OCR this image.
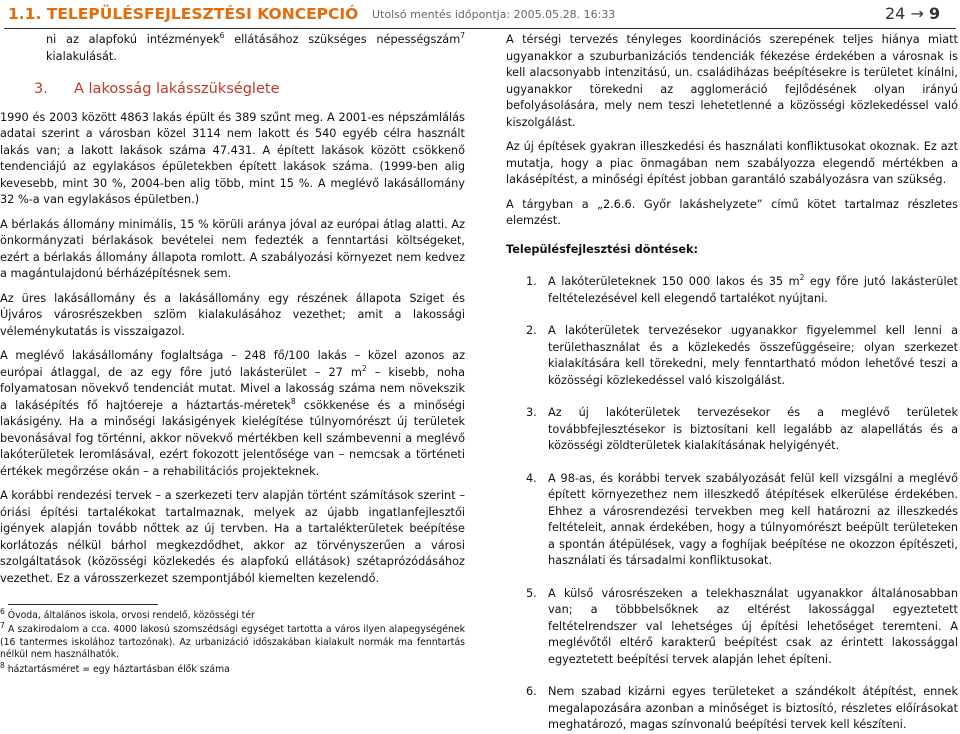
1.1. TELEPÜLÉSFEJLESZTÉSI KONCEPCIÓ Utolsó mentés időpontja: 2005.05.28. 16:33	24 → 9

ni az alapfokú intézmények$^6$ ellátásához szükséges népességszám$^7$ kialakulását.

3. A lakosság lakásszükséglete

1990 és 2003 között 4863 lakás épült és 389 szűnt meg. A 2001-es népszámlálás adatai szerint a városban közel 3114 nem lakott és 540 egyéb célra használt lakás van; a lakott lakások száma 47.431. A épített lakások között csökkenő tendenciájú az egylakásos épületekben épített lakások száma. (1999-ben alig kevesebb, mint 30 %, 2004-ben alig több, mint 15 %. A meglévő lakásállomány 32 %-a van egylakásos épületben.)

A bérlakás állomány minimális, 15 % körüli aránya jóval az európai átlag alatti. Az önkormányzati bérlakások bevételei nem fedezték a fenntartási költségeket, ezért a bérlakás állomány állapota romlott. A szabályozási környezet nem kedvez a magántulajdonú bérházépítésnek sem.

Az üres lakásállomány és a lakásállomány egy részének állapota Sziget és Újváros városrészekben szlöm kialakulásához vezethet; amit a lakossági véleménykutatás is visszaigazol.

A meglévő lakásállomány foglaltsága – 248 fő/100 lakás – közel azonos az európai átlaggal, de az egy főre jutó lakásterület – 27 $m^2$ – kisebb, noha folyamatosan növekvő tendenciát mutat. Mivel a lakosság száma nem növekszik a lakásépítés fő hajtóereje a háztartás-méretek$^8$ csökkenése és a minőségi lakásigény. Ha a minőségi lakásigények kielégítése túlnyomórészt új területek bevonásával fog történni, akkor növekvő mértékben kell számbevenni a meglévő lakóterületek leromlásával, ezért fokozott jelentősége van – nemcsak a történeti értékek megőrzése okán – a rehabilitációs projekteknek.

A korábbi rendezési tervek – a szerkezeti terv alapján történt számítások szerint – óriási építési tartalékokat tartalmaznak, melyek az újabb ingatlanfejlesztői igények alapján tovább nőttek az új tervben. Ha a tartalékterületek beépítése korlátozás nélkül bárhol megkezdődhet, akkor az törvényszerűen a városi szolgáltatások (közösségi közlekedés és alapfokú ellátások) szétaprózódásához vezethet. Ez a városszerkezet szempontjából kiemelten kezelendő.

$^6$ Óvoda, általános iskola, orvosi rendelő, közösségi tér
$^7$ A szakirodalom a cca. 4000 lakosú szomszédsági egységet tartotta a város ilyen alapegységének (16 tantermes iskolához tartozónak). Az urbanizáció időszakában kialakult normák ma fenntartás nélkül nem használhatók.
$^8$ háztartásméret = egy háztartásban élők száma

A térségi tervezés tényleges koordinációs szerepének teljes hiánya miatt ugyanakkor a szuburbanizációs tendenciák fékezése érdekében a városnak is kell alacsonyabb intenzitású, un. családiházas beépítésekre is területet kínálni, ugyanakkor törekedni az agglomeráció fejlődésének olyan irányú befolyásolására, mely nem teszi lehetetlenné a közösségi közlekedéssel való kiszolgálást.

Az új építések gyakran illeszkedési és használati konfliktusokat okoznak. Ez azt mutatja, hogy a piac önmagában nem szabályozza elegendő mértékben a lakásépítést, a minőségi építést jobban garantáló szabályozásra van szükség.

A tárgyban a „2.6.6. Győr lakáshelyzete” című kötet tartalmaz részletes elemzést.

Településfejlesztési döntések:
1. A lakóterületeknek 150 000 lakos és 35 $m^2$ egy főre jutó lakásterület feltételezésével kell elegendő tartalékot nyújtani.
2. A lakóterületek tervezésekor ugyanakkor figyelemmel kell lenni a területhasználat és a közlekedés összefüggéseire; olyan szerkezet kialakítására kell törekedni, mely fenntartható módon lehetővé teszi a közösségi közlekedéssel való kiszolgálást.
3. Az új lakóterületek tervezésekor és a meglévő területek továbbfejlesztésekor is biztosítani kell legalább az alapellátás és a közösségi zöldterületek kialakításának helyigényét.
4. A 98-as, és korábbi tervek szabályozását felül kell vizsgálni a meglévő épített környezethez nem illeszkedő átépítések elkerülése érdekében. Ehhez a városrendezési tervekben meg kell határozni az illeszkedés feltételeit, annak érdekében, hogy a túlnyomórészt beépült területeken a spontán átépülések, vagy a foghíjak beépítése ne okozzon építészeti, használati és társadalmi konfliktusokat.
5. A külső városrészeken a telekhasználat ugyanakkor általánosabban van; a többbelsőknek az eltérést lakossággal egyeztetett feltételrendszer val lehetséges új építési lehetőséget teremteni. A meglévőtől eltérő karakterű beépítést csak az érintett lakossággal egyeztetett beépítési tervek alapján lehet építeni.
6. Nem szabad kizárni egyes területeket a szándékolt átépítést, ennek megalapozására azonban a minőséget is biztosító, részletes előírásokat meghatározó, magas színvonalú beépítési tervek kell készíteni.
